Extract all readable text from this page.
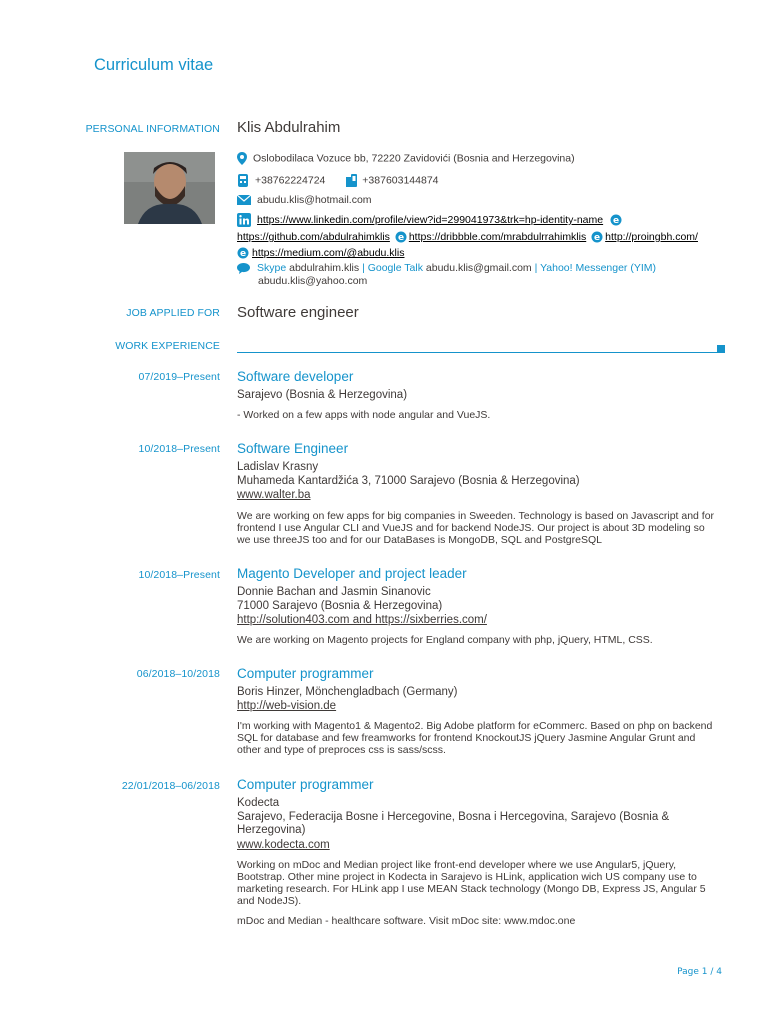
Curriculum vitae
PERSONAL INFORMATION Klis Abdulrahim
Oslobodilaca Vozuce bb, 72220 Zavidovići (Bosnia and Herzegovina)
+38762224724	+387603144874
abudu.klis@hotmail.com
https://www.linkedin.com/profile/view?id=299041973&trk=hp-identity-name e
https://github.com/abdulrahimklis e https://dribbble.com/mrabdulrrahimklis e http://proingbh.com/
e https://medium.com/@abudu.klis
Skype abdulrahim.klis | Google Talk abudu.klis@gmail.com | Yahoo! Messenger (YIM)
abudu.klis@yahoo.com
JOB APPLIED FOR Software engineer
WORK EXPERIENCE
07/2019–Present Software developer
Sarajevo (Bosnia & Herzegovina)
- Worked on a few apps with node angular and VueJS.
10/2018–Present Software Engineer
Ladislav Krasny
Muhameda Kantardžića 3, 71000 Sarajevo (Bosnia & Herzegovina)
www.walter.ba
We are working on few apps for big companies in Sweeden. Technology is based on Javascript and for frontend I use Angular CLI and VueJS and for backend NodeJS. Our project is about 3D modeling so we use threeJS too and for our DataBases is MongoDB, SQL and PostgreSQL
10/2018–Present Magento Developer and project leader
Donnie Bachan and Jasmin Sinanovic
71000 Sarajevo (Bosnia & Herzegovina)
http://solution403.com and https://sixberries.com/
We are working on Magento projects for England company with php, jQuery, HTML, CSS.
06/2018–10/2018 Computer programmer
Boris Hinzer, Mönchengladbach (Germany)
http://web-vision.de
I'm working with Magento1 & Magento2. Big Adobe platform for eCommerc. Based on php on backend SQL for database and few freamworks for frontend KnockoutJS jQuery Jasmine Angular Grunt and other and type of preproces css is sass/scss.
22/01/2018–06/2018 Computer programmer
Kodecta
Sarajevo, Federacija Bosne i Hercegovine, Bosna i Hercegovina, Sarajevo (Bosnia & Herzegovina)
www.kodecta.com
Working on mDoc and Median project like front-end developer where we use Angular5, jQuery, Bootstrap. Other mine project in Kodecta in Sarajevo is HLink, application wich US company use to marketing research. For HLink app I use MEAN Stack technology (Mongo DB, Express JS, Angular 5 and NodeJS).
mDoc and Median - healthcare software. Visit mDoc site: www.mdoc.one
Page 1 / 4
